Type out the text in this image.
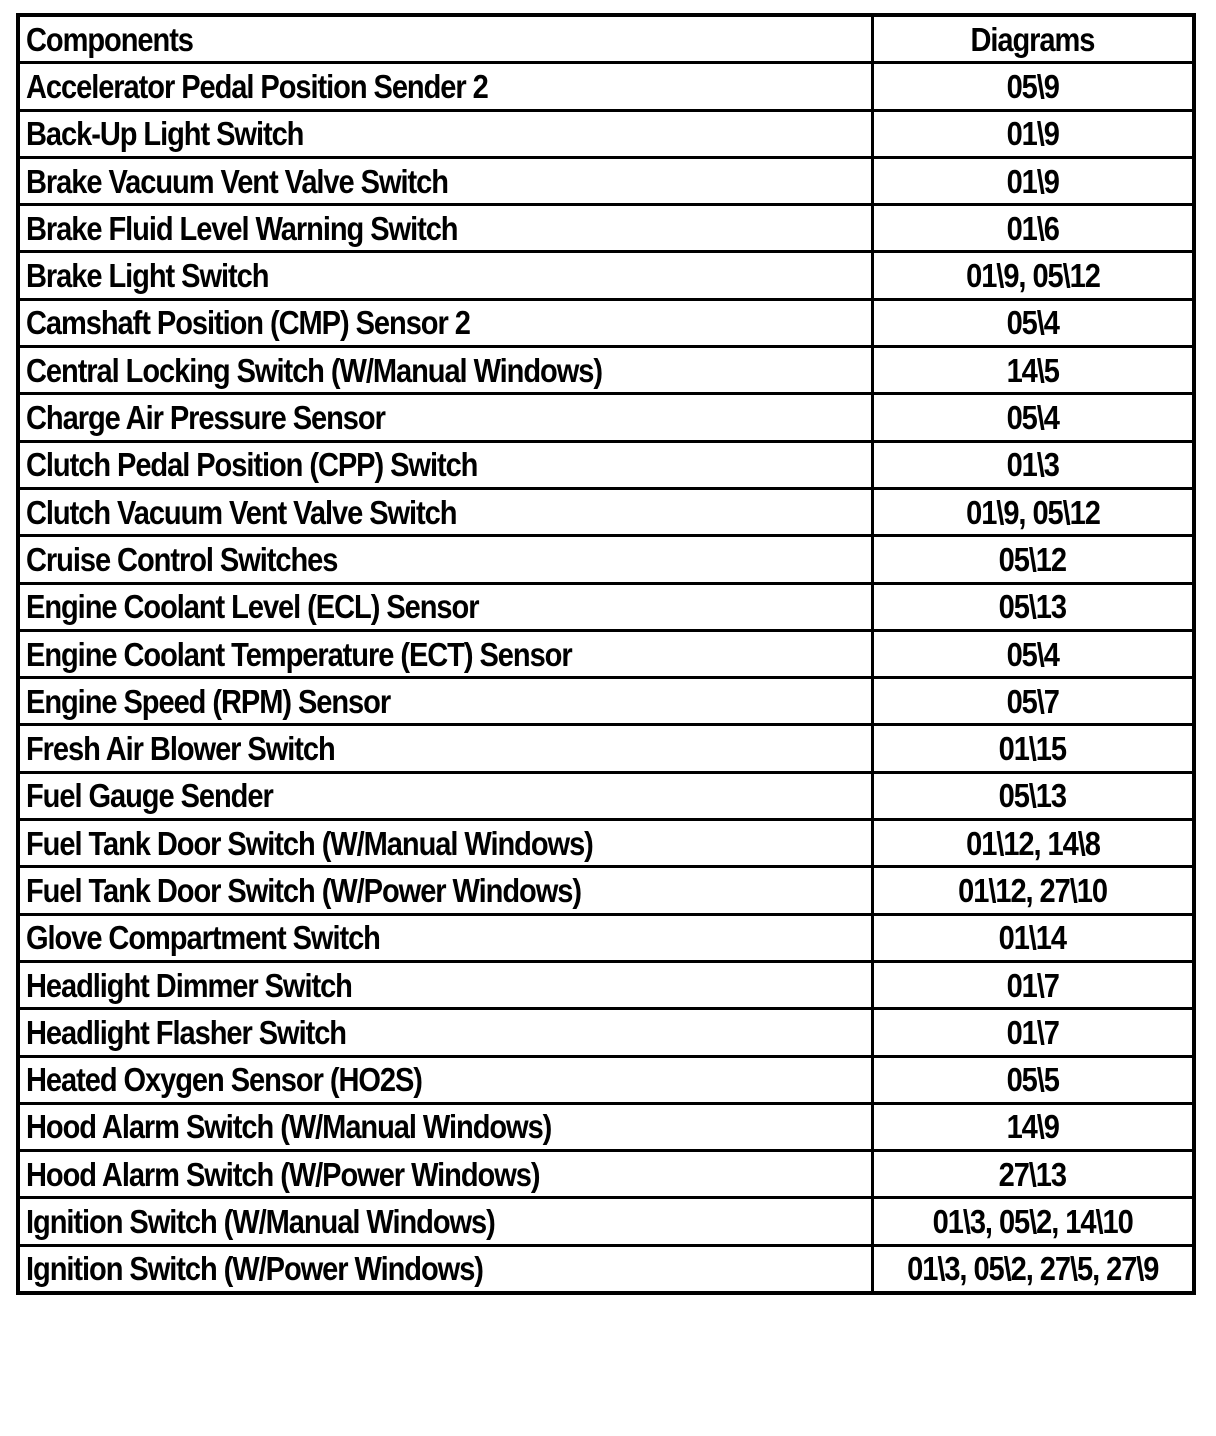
Components	Diagrams
Accelerator Pedal Position Sender 2	05\9
Back-Up Light Switch	01\9
Brake Vacuum Vent Valve Switch	01\9
Brake Fluid Level Warning Switch	01\6
Brake Light Switch	01\9, 05\12
Camshaft Position (CMP) Sensor 2	05\4
Central Locking Switch (W/Manual Windows)	14\5
Charge Air Pressure Sensor	05\4
Clutch Pedal Position (CPP) Switch	01\3
Clutch Vacuum Vent Valve Switch	01\9, 05\12
Cruise Control Switches	05\12
Engine Coolant Level (ECL) Sensor	05\13
Engine Coolant Temperature (ECT) Sensor	05\4
Engine Speed (RPM) Sensor	05\7
Fresh Air Blower Switch	01\15
Fuel Gauge Sender	05\13
Fuel Tank Door Switch (W/Manual Windows)	01\12, 14\8
Fuel Tank Door Switch (W/Power Windows)	01\12, 27\10
Glove Compartment Switch	01\14
Headlight Dimmer Switch	01\7
Headlight Flasher Switch	01\7
Heated Oxygen Sensor (HO2S)	05\5
Hood Alarm Switch (W/Manual Windows)	14\9
Hood Alarm Switch (W/Power Windows)	27\13
Ignition Switch (W/Manual Windows)	01\3, 05\2, 14\10
Ignition Switch (W/Power Windows)	01\3, 05\2, 27\5, 27\9
